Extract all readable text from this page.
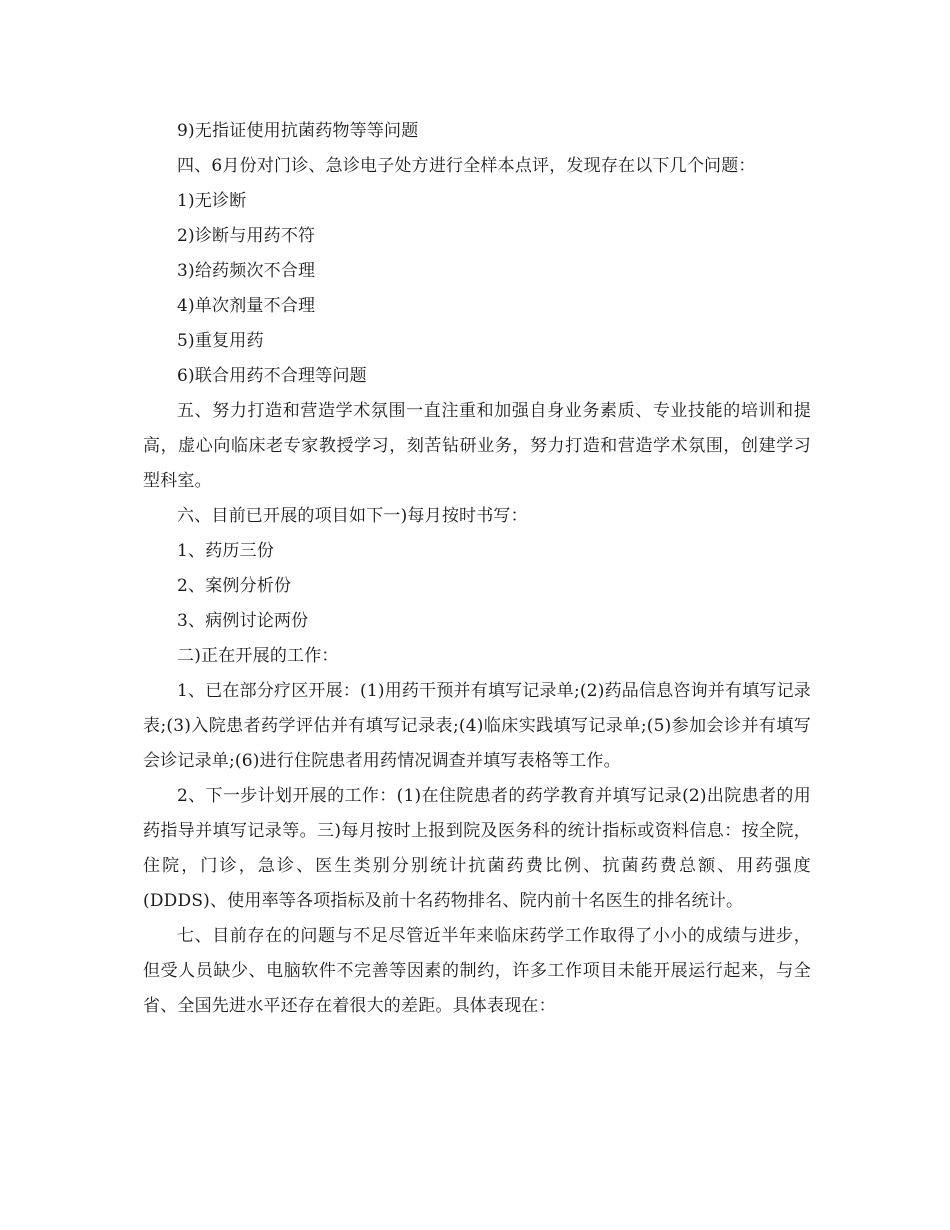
9)无指证使用抗菌药物等等问题

四、6月份对门诊、急诊电子处方进行全样本点评，发现存在以下几个问题：

1)无诊断

2)诊断与用药不符

3)给药频次不合理

4)单次剂量不合理

5)重复用药

6)联合用药不合理等问题

五、努力打造和营造学术氛围一直注重和加强自身业务素质、专业技能的培训和提高，虚心向临床老专家教授学习，刻苦钻研业务，努力打造和营造学术氛围，创建学习型科室。

六、目前已开展的项目如下一)每月按时书写：

1、药历三份

2、案例分析份

3、病例讨论两份

二)正在开展的工作：

1、已在部分疗区开展：(1)用药干预并有填写记录单;(2)药品信息咨询并有填写记录表;(3)入院患者药学评估并有填写记录表;(4)临床实践填写记录单;(5)参加会诊并有填写会诊记录单;(6)进行住院患者用药情况调查并填写表格等工作。

2、下一步计划开展的工作：(1)在住院患者的药学教育并填写记录(2)出院患者的用药指导并填写记录等。三)每月按时上报到院及医务科的统计指标或资料信息：按全院，住院，门诊，急诊、医生类别分别统计抗菌药费比例、抗菌药费总额、用药强度(DDDS)、使用率等各项指标及前十名药物排名、院内前十名医生的排名统计。

七、目前存在的问题与不足尽管近半年来临床药学工作取得了小小的成绩与进步，但受人员缺少、电脑软件不完善等因素的制约，许多工作项目未能开展运行起来，与全省、全国先进水平还存在着很大的差距。具体表现在：
